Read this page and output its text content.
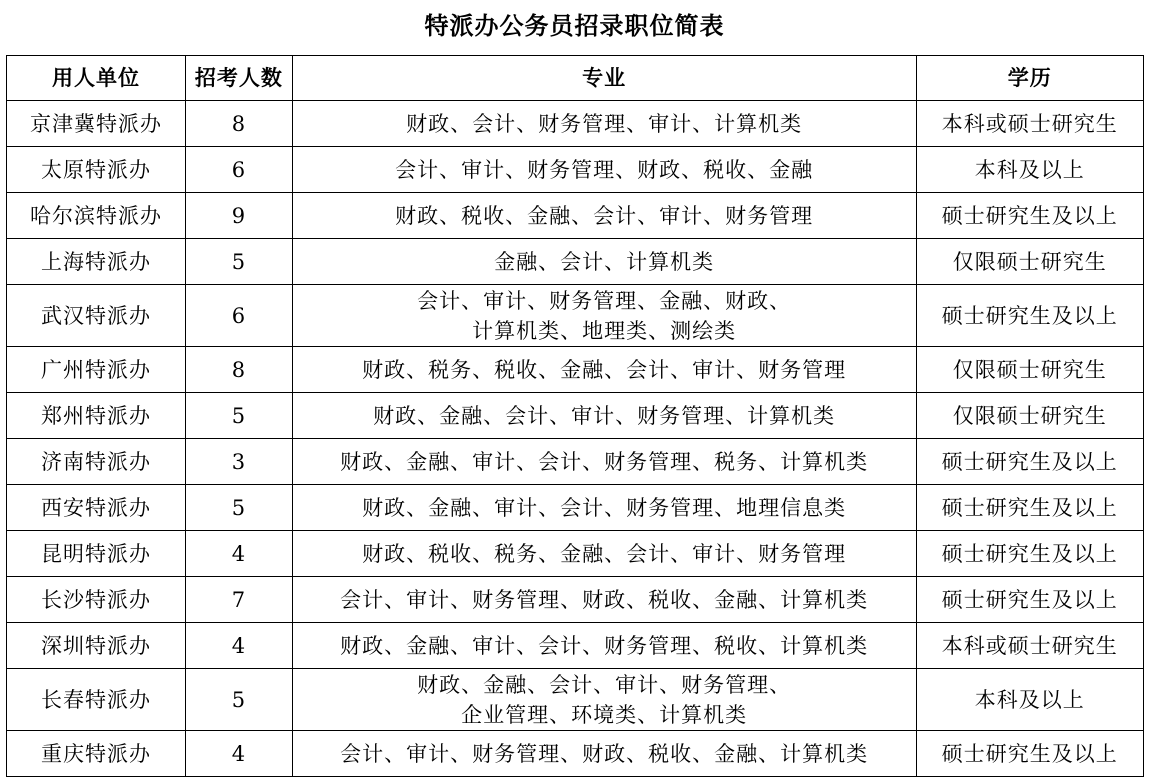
特派办公务员招录职位简表
用人单位	招考人数	专业	学历
京津冀特派办	8	财政、会计、财务管理、审计、计算机类	本科或硕士研究生
太原特派办	6	会计、审计、财务管理、财政、税收、金融	本科及以上
哈尔滨特派办	9	财政、税收、金融、会计、审计、财务管理	硕士研究生及以上
上海特派办	5	金融、会计、计算机类	仅限硕士研究生
武汉特派办	6	会计、审计、财务管理、金融、财政、
计算机类、地理类、测绘类	硕士研究生及以上
广州特派办	8	财政、税务、税收、金融、会计、审计、财务管理	仅限硕士研究生
郑州特派办	5	财政、金融、会计、审计、财务管理、计算机类	仅限硕士研究生
济南特派办	3	财政、金融、审计、会计、财务管理、税务、计算机类	硕士研究生及以上
西安特派办	5	财政、金融、审计、会计、财务管理、地理信息类	硕士研究生及以上
昆明特派办	4	财政、税收、税务、金融、会计、审计、财务管理	硕士研究生及以上
长沙特派办	7	会计、审计、财务管理、财政、税收、金融、计算机类	硕士研究生及以上
深圳特派办	4	财政、金融、审计、会计、财务管理、税收、计算机类	本科或硕士研究生
长春特派办	5	财政、金融、会计、审计、财务管理、
企业管理、环境类、计算机类	本科及以上
重庆特派办	4	会计、审计、财务管理、财政、税收、金融、计算机类	硕士研究生及以上
